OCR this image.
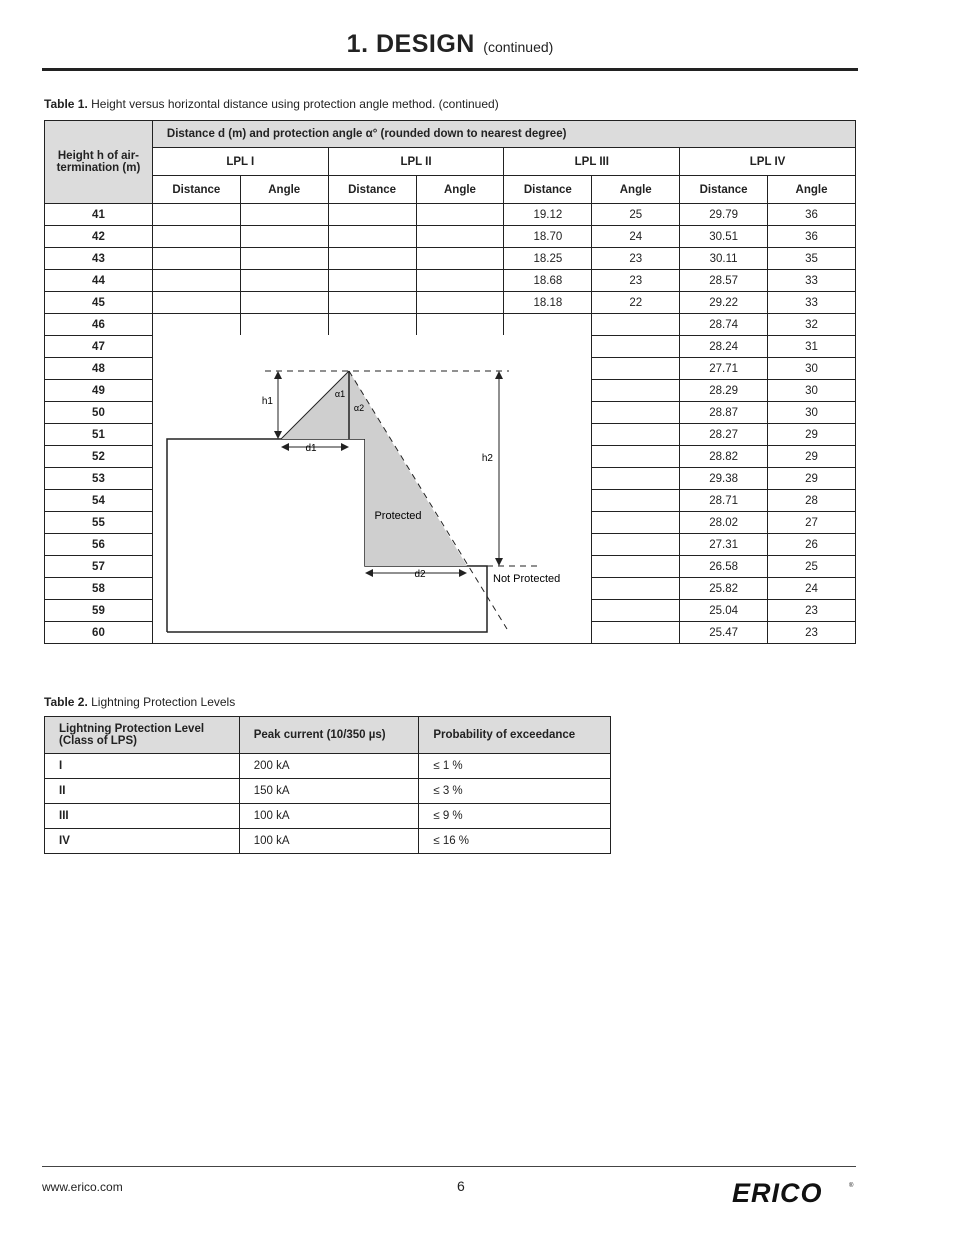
1. DESIGN (continued)
Table 1. Height versus horizontal distance using protection angle method. (continued)
Height h of air-termination (m)	Distance d (m) and protection angle α° (rounded down to nearest degree)							
	LPL I		LPL II		LPL III		LPL IV	
	Distance	Angle	Distance	Angle	Distance	Angle	Distance	Angle
41					19.12	25	29.79	36
42					18.70	24	30.51	36
43					18.25	23	30.11	35
44					18.68	23	28.57	33
45					18.18	22	29.22	33
46							28.74	32
47							28.24	31
48							27.71	30
49							28.29	30
50							28.87	30
51							28.27	29
52							28.82	29
53							29.38	29
54							28.71	28
55							28.02	27
56							27.31	26
57							26.58	25
58							25.82	24
59							25.04	23
60							25.47	23
h1
h2
d1
d2
α1
α2
Protected
Not Protected
Table 2. Lightning Protection Levels
Lightning Protection Level (Class of LPS)	Peak current (10/350 µs)	Probability of exceedance
I	200 kA	≤ 1 %
II	150 kA	≤ 3 %
III	100 kA	≤ 9 %
IV	100 kA	≤ 16 %
www.erico.com	6	ERICO	®
